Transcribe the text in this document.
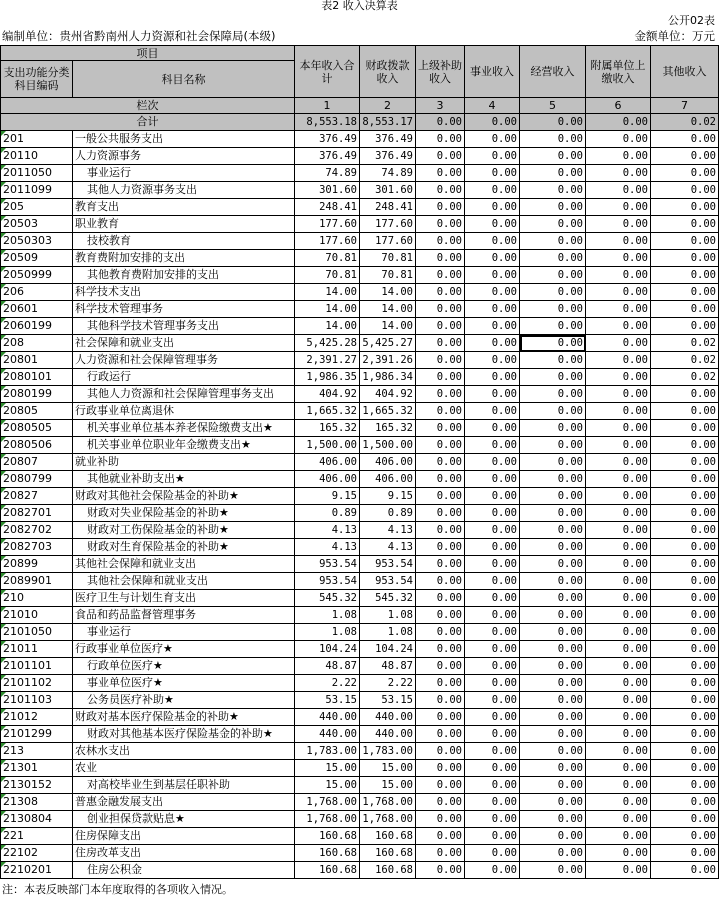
表2 收入决算表
公开02表
编制单位：贵州省黔南州人力资源和社会保障局(本级)	金额单位：万元
项目		本年收入合计	财政拨款收入	上级补助收入	事业收入	经营收入	附属单位上缴收入	其他收入
支出功能分类科目编码	科目名称							
栏次		1	2	3	4	5	6	7
合计		8,553.18	8,553.17	0.00	0.00	0.00	0.00	0.02
201	一般公共服务支出	376.49	376.49	0.00	0.00	0.00	0.00	0.00
20110	人力资源事务	376.49	376.49	0.00	0.00	0.00	0.00	0.00
2011050	事业运行	74.89	74.89	0.00	0.00	0.00	0.00	0.00
2011099	其他人力资源事务支出	301.60	301.60	0.00	0.00	0.00	0.00	0.00
205	教育支出	248.41	248.41	0.00	0.00	0.00	0.00	0.00
20503	职业教育	177.60	177.60	0.00	0.00	0.00	0.00	0.00
2050303	技校教育	177.60	177.60	0.00	0.00	0.00	0.00	0.00
20509	教育费附加安排的支出	70.81	70.81	0.00	0.00	0.00	0.00	0.00
2050999	其他教育费附加安排的支出	70.81	70.81	0.00	0.00	0.00	0.00	0.00
206	科学技术支出	14.00	14.00	0.00	0.00	0.00	0.00	0.00
20601	科学技术管理事务	14.00	14.00	0.00	0.00	0.00	0.00	0.00
2060199	其他科学技术管理事务支出	14.00	14.00	0.00	0.00	0.00	0.00	0.00
208	社会保障和就业支出	5,425.28	5,425.27	0.00	0.00	0.00	0.00	0.02
20801	人力资源和社会保障管理事务	2,391.27	2,391.26	0.00	0.00	0.00	0.00	0.02
2080101	行政运行	1,986.35	1,986.34	0.00	0.00	0.00	0.00	0.02
2080199	其他人力资源和社会保障管理事务支出	404.92	404.92	0.00	0.00	0.00	0.00	0.00
20805	行政事业单位离退休	1,665.32	1,665.32	0.00	0.00	0.00	0.00	0.00
2080505	机关事业单位基本养老保险缴费支出★	165.32	165.32	0.00	0.00	0.00	0.00	0.00
2080506	机关事业单位职业年金缴费支出★	1,500.00	1,500.00	0.00	0.00	0.00	0.00	0.00
20807	就业补助	406.00	406.00	0.00	0.00	0.00	0.00	0.00
2080799	其他就业补助支出★	406.00	406.00	0.00	0.00	0.00	0.00	0.00
20827	财政对其他社会保险基金的补助★	9.15	9.15	0.00	0.00	0.00	0.00	0.00
2082701	财政对失业保险基金的补助★	0.89	0.89	0.00	0.00	0.00	0.00	0.00
2082702	财政对工伤保险基金的补助★	4.13	4.13	0.00	0.00	0.00	0.00	0.00
2082703	财政对生育保险基金的补助★	4.13	4.13	0.00	0.00	0.00	0.00	0.00
20899	其他社会保障和就业支出	953.54	953.54	0.00	0.00	0.00	0.00	0.00
2089901	其他社会保障和就业支出	953.54	953.54	0.00	0.00	0.00	0.00	0.00
210	医疗卫生与计划生育支出	545.32	545.32	0.00	0.00	0.00	0.00	0.00
21010	食品和药品监督管理事务	1.08	1.08	0.00	0.00	0.00	0.00	0.00
2101050	事业运行	1.08	1.08	0.00	0.00	0.00	0.00	0.00
21011	行政事业单位医疗★	104.24	104.24	0.00	0.00	0.00	0.00	0.00
2101101	行政单位医疗★	48.87	48.87	0.00	0.00	0.00	0.00	0.00
2101102	事业单位医疗★	2.22	2.22	0.00	0.00	0.00	0.00	0.00
2101103	公务员医疗补助★	53.15	53.15	0.00	0.00	0.00	0.00	0.00
21012	财政对基本医疗保险基金的补助★	440.00	440.00	0.00	0.00	0.00	0.00	0.00
2101299	财政对其他基本医疗保险基金的补助★	440.00	440.00	0.00	0.00	0.00	0.00	0.00
213	农林水支出	1,783.00	1,783.00	0.00	0.00	0.00	0.00	0.00
21301	农业	15.00	15.00	0.00	0.00	0.00	0.00	0.00
2130152	对高校毕业生到基层任职补助	15.00	15.00	0.00	0.00	0.00	0.00	0.00
21308	普惠金融发展支出	1,768.00	1,768.00	0.00	0.00	0.00	0.00	0.00
2130804	创业担保贷款贴息★	1,768.00	1,768.00	0.00	0.00	0.00	0.00	0.00
221	住房保障支出	160.68	160.68	0.00	0.00	0.00	0.00	0.00
22102	住房改革支出	160.68	160.68	0.00	0.00	0.00	0.00	0.00
2210201	住房公积金	160.68	160.68	0.00	0.00	0.00	0.00	0.00
注：本表反映部门本年度取得的各项收入情况。
